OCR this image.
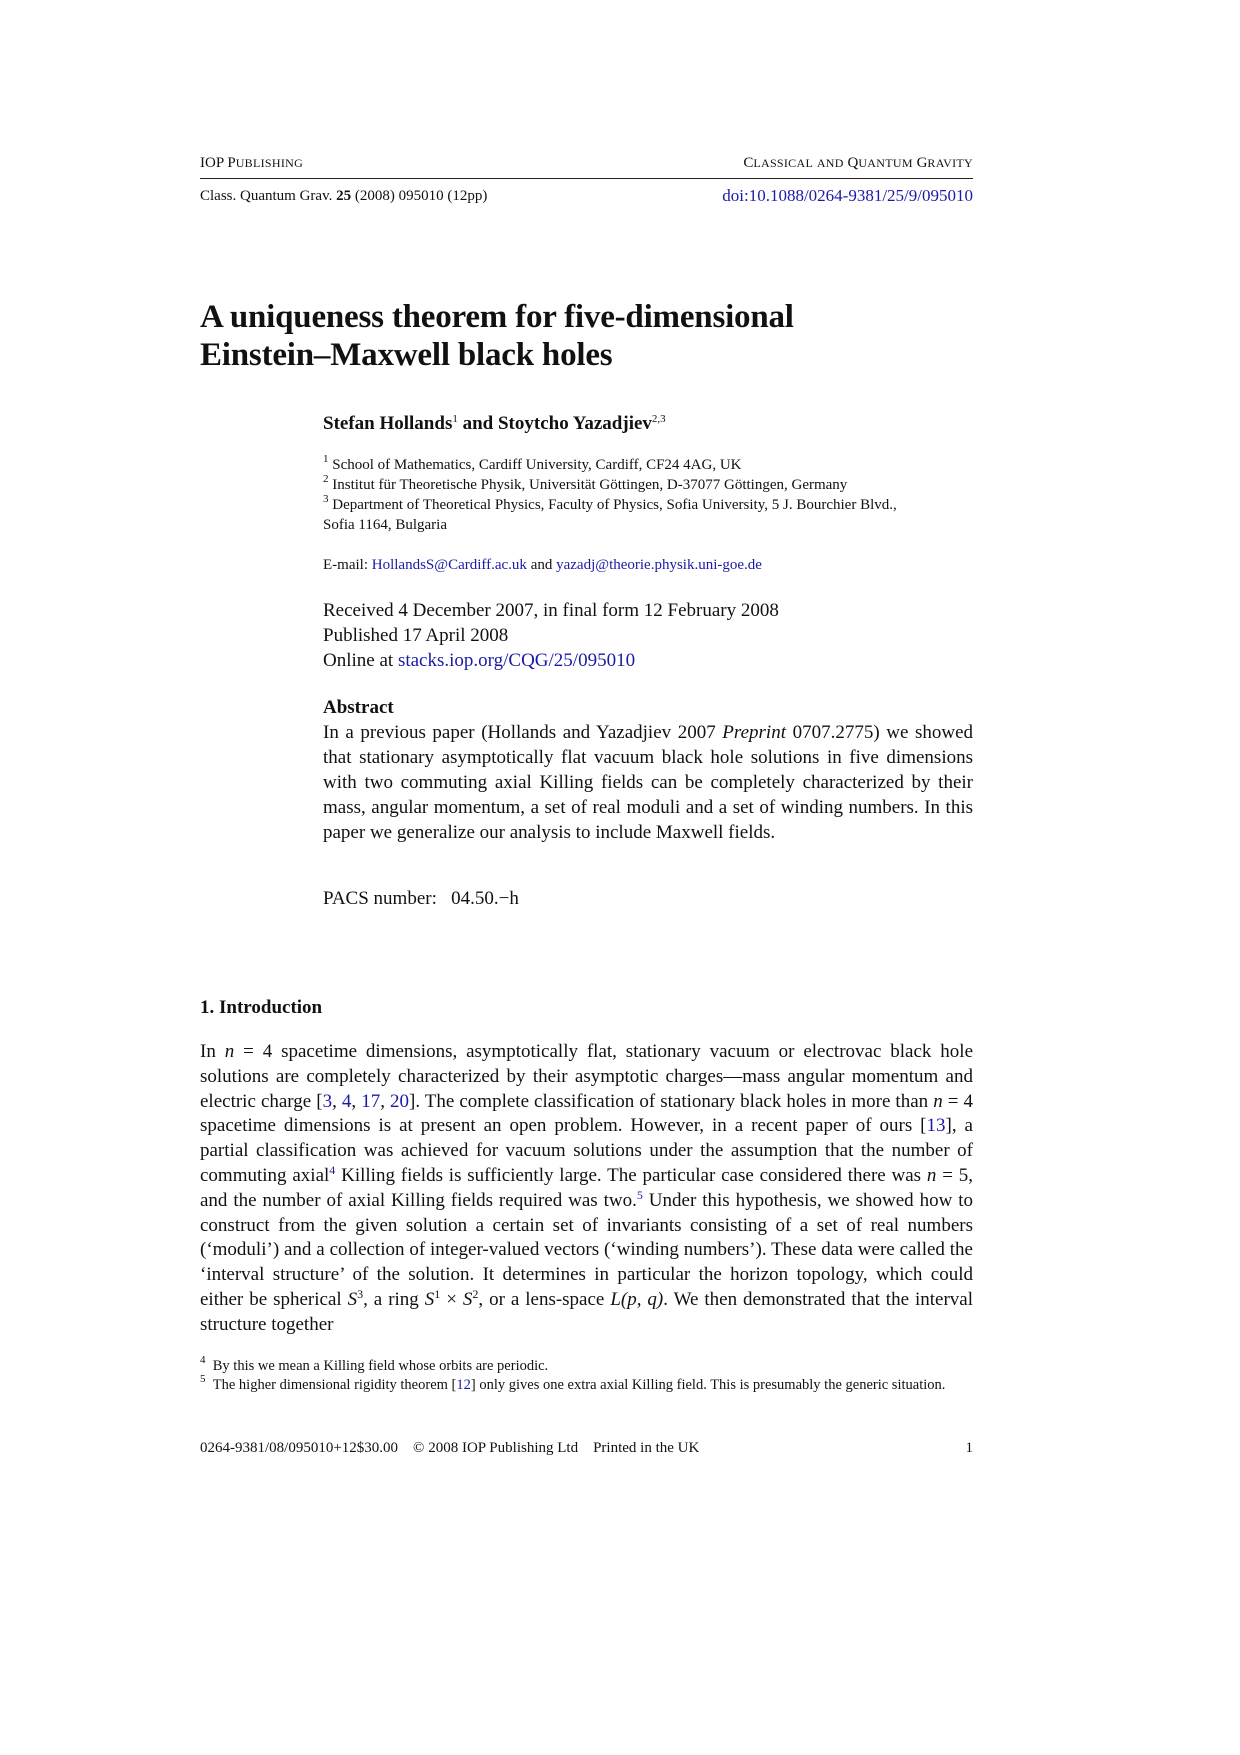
IOP PUBLISHING	CLASSICAL AND QUANTUM GRAVITY
Class. Quantum Grav. 25 (2008) 095010 (12pp)	doi:10.1088/0264-9381/25/9/095010
A uniqueness theorem for five-dimensional
Einstein–Maxwell black holes
Stefan Hollands$^1$ and Stoytcho Yazadjiev$^{2,3}$
$^1$ School of Mathematics, Cardiff University, Cardiff, CF24 4AG, UK
$^2$ Institut für Theoretische Physik, Universität Göttingen, D-37077 Göttingen, Germany
$^3$ Department of Theoretical Physics, Faculty of Physics, Sofia University, 5 J. Bourchier Blvd.,
Sofia 1164, Bulgaria
E-mail: HollandsS@Cardiff.ac.uk and yazadj@theorie.physik.uni-goe.de
Received 4 December 2007, in final form 12 February 2008
Published 17 April 2008
Online at stacks.iop.org/CQG/25/095010
Abstract
In a previous paper (Hollands and Yazadjiev 2007 Preprint 0707.2775) we showed that stationary asymptotically flat vacuum black hole solutions in five dimensions with two commuting axial Killing fields can be completely characterized by their mass, angular momentum, a set of real moduli and a set of winding numbers. In this paper we generalize our analysis to include Maxwell fields.
PACS number: 04.50.−h
1. Introduction
In n = 4 spacetime dimensions, asymptotically flat, stationary vacuum or electrovac black hole solutions are completely characterized by their asymptotic charges—mass angular momentum and electric charge [3, 4, 17, 20]. The complete classification of stationary black holes in more than n = 4 spacetime dimensions is at present an open problem. However, in a recent paper of ours [13], a partial classification was achieved for vacuum solutions under the assumption that the number of commuting axial$^4$ Killing fields is sufficiently large. The particular case considered there was n = 5, and the number of axial Killing fields required was two.$^5$ Under this hypothesis, we showed how to construct from the given solution a certain set of invariants consisting of a set of real numbers (‘moduli’) and a collection of integer-valued vectors (‘winding numbers’). These data were called the ‘interval structure’ of the solution. It determines in particular the horizon topology, which could either be spherical $S^3$, a ring $S^1 \times S^2$, or a lens-space L(p, q). We then demonstrated that the interval structure together
$^4$ By this we mean a Killing field whose orbits are periodic.
$^5$ The higher dimensional rigidity theorem [12] only gives one extra axial Killing field. This is presumably the generic situation.
0264-9381/08/095010+12$30.00 © 2008 IOP Publishing Ltd Printed in the UK	1
